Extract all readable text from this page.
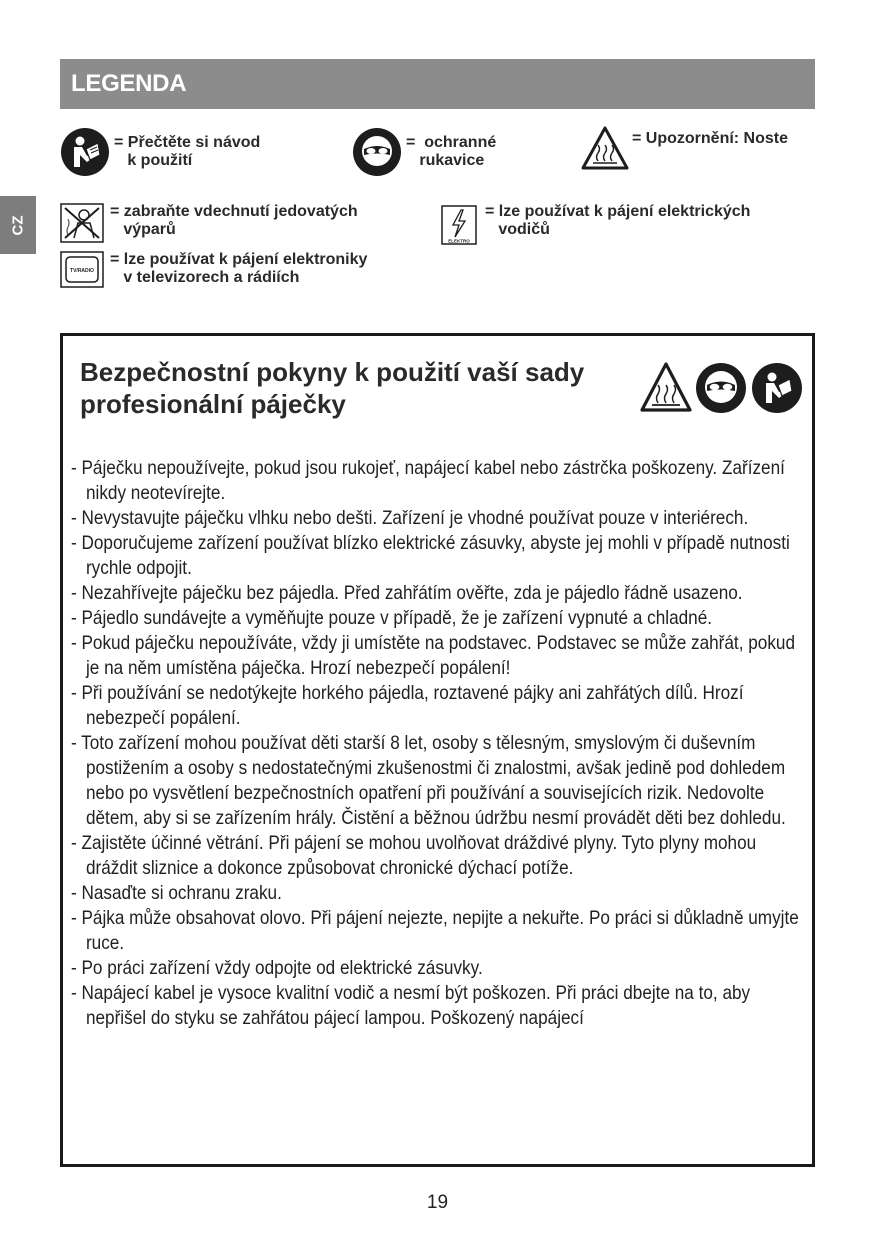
LEGENDA
CZ
= Přečtěte si návod
k použití
=  ochranné
rukavice
= Upozornění: Noste
= zabraňte vdechnutí jedovatých
výparů
ELEKTRO
= lze používat k pájení elektrických
vodičů
TV/RADIO
= lze používat k pájení elektroniky
v televizorech a rádiích
Bezpečnostní pokyny k použití vaší sady profesionální páječky
- Páječku nepoužívejte, pokud jsou rukojeť, napájecí kabel nebo zástrčka poškozeny. Zařízení nikdy neotevírejte.
- Nevystavujte páječku vlhku nebo dešti. Zařízení je vhodné používat pouze v interiérech.
- Doporučujeme zařízení používat blízko elektrické zásuvky, abyste jej mohli v případě nutnosti rychle odpojit.
- Nezahřívejte páječku bez pájedla. Před zahřátím ověřte, zda je pájedlo řádně usazeno.
- Pájedlo sundávejte a vyměňujte pouze v případě, že je zařízení vypnuté a chladné.
- Pokud páječku nepoužíváte, vždy ji umístěte na podstavec. Podstavec se může zahřát, pokud je na něm umístěna páječka. Hrozí nebezpečí popálení!
- Při používání se nedotýkejte horkého pájedla, roztavené pájky ani zahřátých dílů. Hrozí nebezpečí popálení.
- Toto zařízení mohou používat děti starší 8 let, osoby s tělesným, smyslovým či duševním postižením a osoby s nedostatečnými zkušenostmi či znalostmi, avšak jedině pod dohledem nebo po vysvětlení bezpečnostních opatření při používání a souvisejících rizik. Nedovolte dětem, aby si se zařízením hrály. Čistění a běžnou údržbu nesmí provádět děti bez dohledu.
- Zajistěte účinné větrání. Při pájení se mohou uvolňovat dráždivé plyny. Tyto plyny mohou dráždit sliznice a dokonce způsobovat chronické dýchací potíže.
- Nasaďte si ochranu zraku.
- Pájka může obsahovat olovo. Při pájení nejezte, nepijte a nekuřte. Po práci si důkladně umyjte ruce.
- Po práci zařízení vždy odpojte od elektrické zásuvky.
- Napájecí kabel je vysoce kvalitní vodič a nesmí být poškozen. Při práci dbejte na to, aby nepřišel do styku se zahřátou pájecí lampou. Poškozený napájecí
19
